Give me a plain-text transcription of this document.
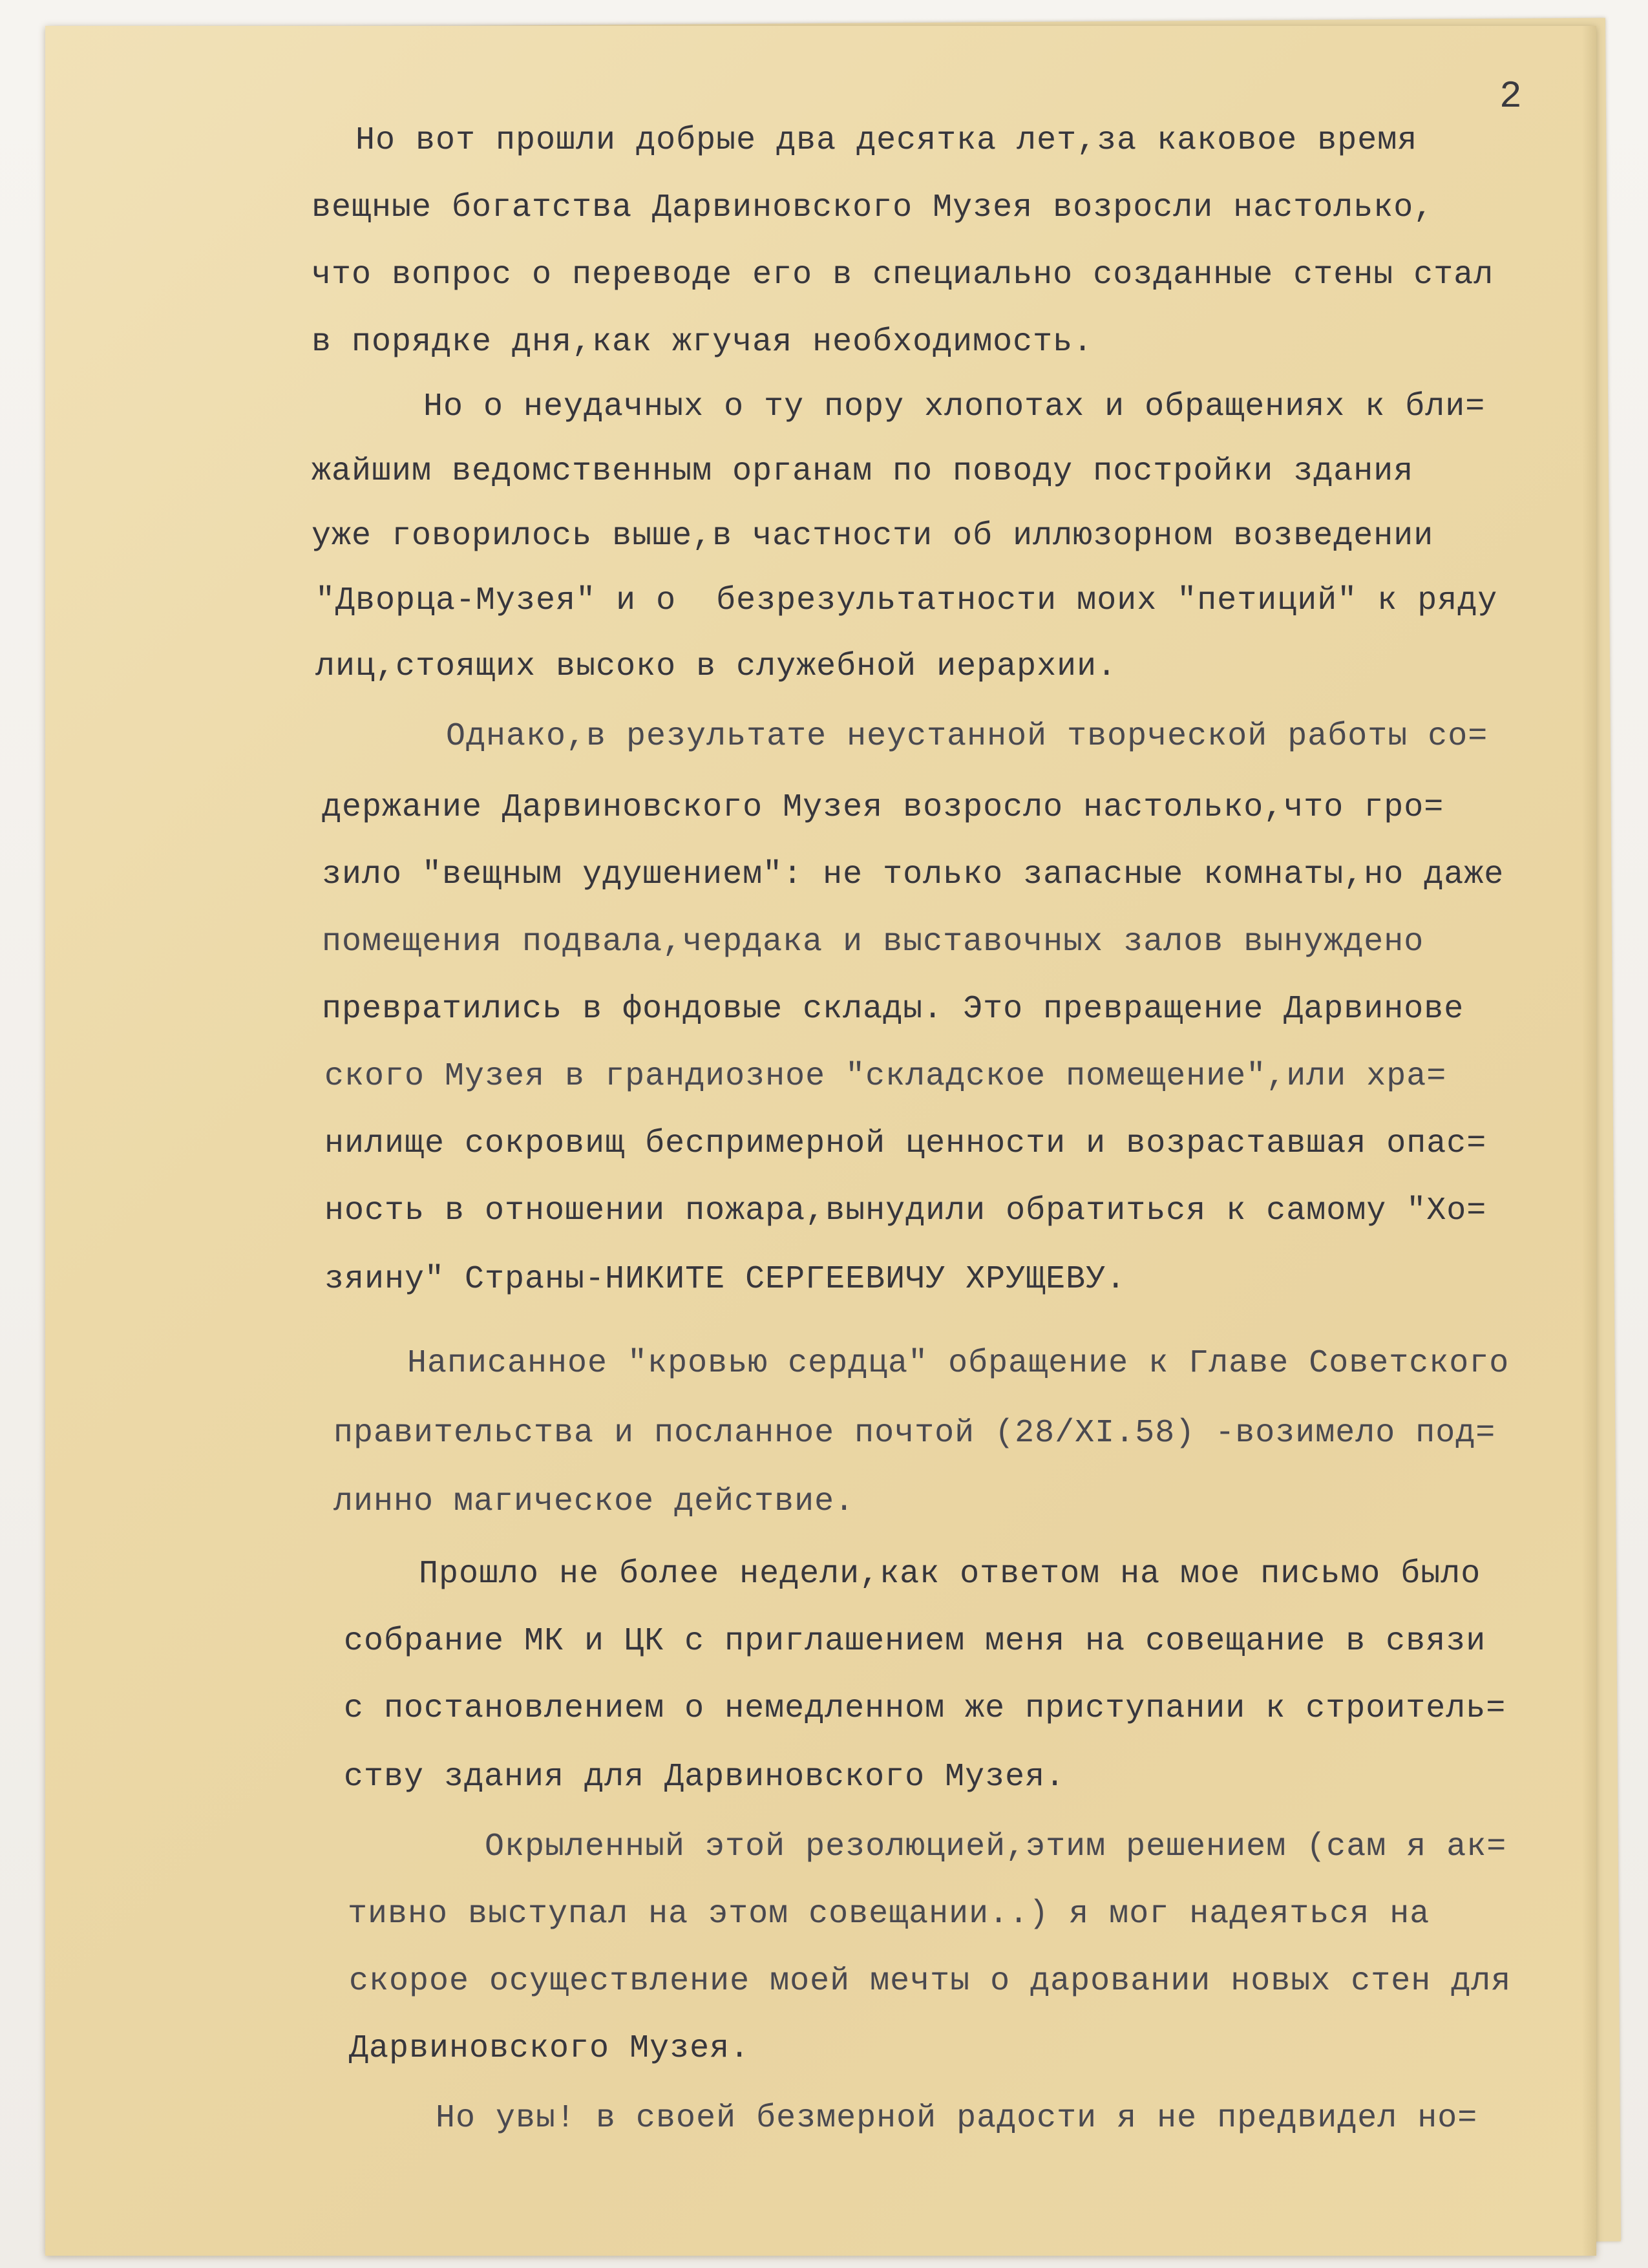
2
Но вот прошли добрые два десятка лет,за каковое время
вещные богатства Дарвиновского Музея возросли настолько,
что вопрос о переводе его в специально созданные стены стал
в порядке дня,как жгучая необходимость.
Но о неудачных о ту пору хлопотах и обращениях к бли=
жайшим ведомственным органам по поводу постройки здания
уже говорилось выше,в частности об иллюзорном возведении
"Дворца-Музея" и о  безрезультатности моих "петиций" к ряду
лиц,стоящих высоко в служебной иерархии.
Однако,в результате неустанной творческой работы со=
держание Дарвиновского Музея возросло настолько,что гро=
зило "вещным удушением": не только запасные комнаты,но даже
помещения подвала,чердака и выставочных залов вынуждено
превратились в фондовые склады. Это превращение Дарвинове
ского Музея в грандиозное "складское помещение",или хра=
нилище сокровищ беспримерной ценности и возраставшая опас=
ность в отношении пожара,вынудили обратиться к самому "Хо=
зяину" Страны-НИКИТЕ СЕРГЕЕВИЧУ ХРУЩЕВУ.
Написанное "кровью сердца" обращение к Главе Советского
правительства и посланное почтой (28/XI.58) -возимело под=
линно магическое действие.
Прошло не более недели,как ответом на мое письмо было
собрание МК и ЦК с приглашением меня на совещание в связи
с постановлением о немедленном же приступании к строитель=
ству здания для Дарвиновского Музея.
Окрыленный этой резолюцией,этим решением (сам я ак=
тивно выступал на этом совещании..) я мог надеяться на
скорое осуществление моей мечты о даровании новых стен для
Дарвиновского Музея.
Но увы! в своей безмерной радости я не предвидел но=
